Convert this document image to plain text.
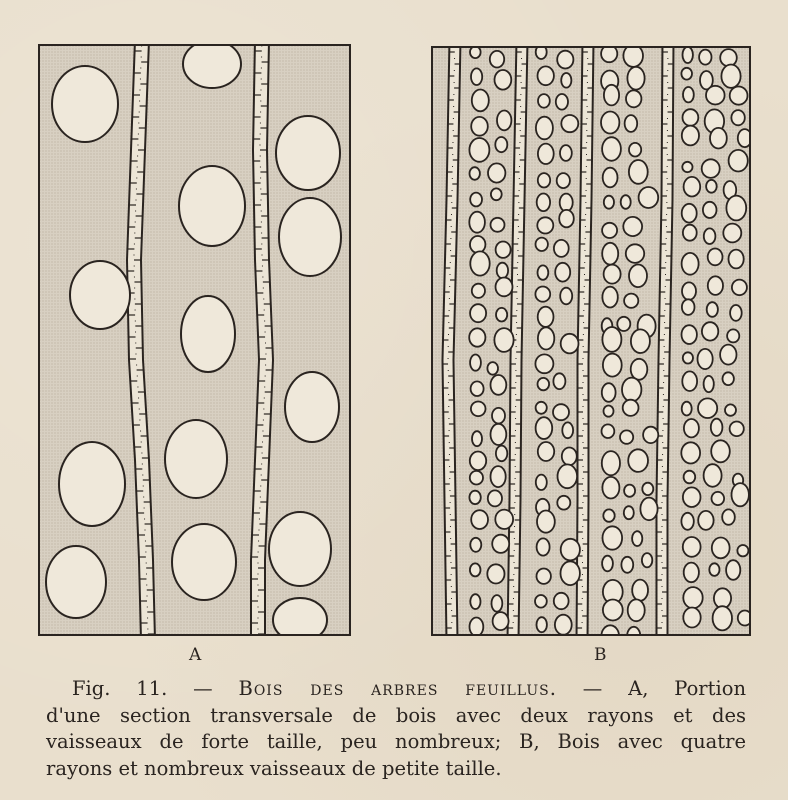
A	B
Fig. 11. — Bois des arbres feuillus. — A, Portion
d'une section transversale de bois avec deux rayons et des
vaisseaux de forte taille, peu nombreux; B, Bois avec quatre
rayons et nombreux vaisseaux de petite taille.
